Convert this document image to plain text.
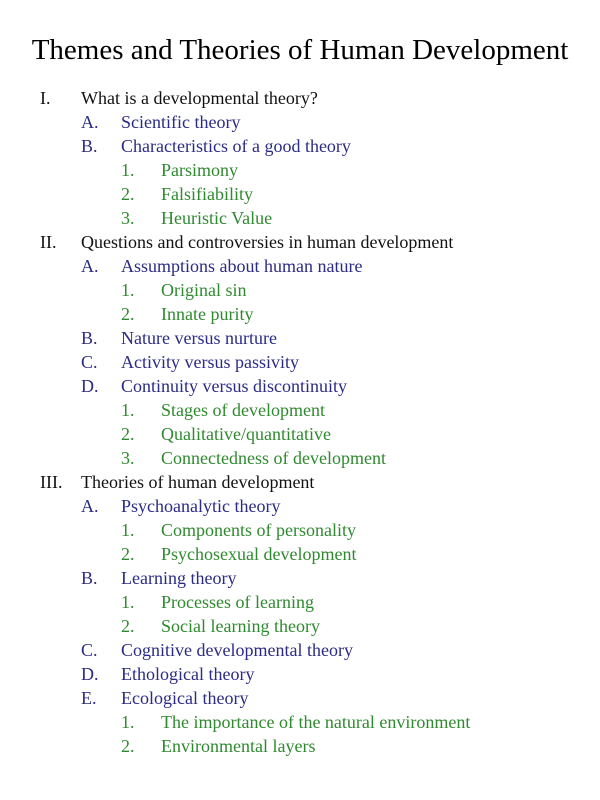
Themes and Theories of Human Development
I. What is a developmental theory?
A. Scientific theory
B. Characteristics of a good theory
1. Parsimony
2. Falsifiability
3. Heuristic Value
II. Questions and controversies in human development
A. Assumptions about human nature
1. Original sin
2. Innate purity
B. Nature versus nurture
C. Activity versus passivity
D. Continuity versus discontinuity
1. Stages of development
2. Qualitative/quantitative
3. Connectedness of development
III. Theories of human development
A. Psychoanalytic theory
1. Components of personality
2. Psychosexual development
B. Learning theory
1. Processes of learning
2. Social learning theory
C. Cognitive developmental theory
D. Ethological theory
E. Ecological theory
1. The importance of the natural environment
2. Environmental layers
